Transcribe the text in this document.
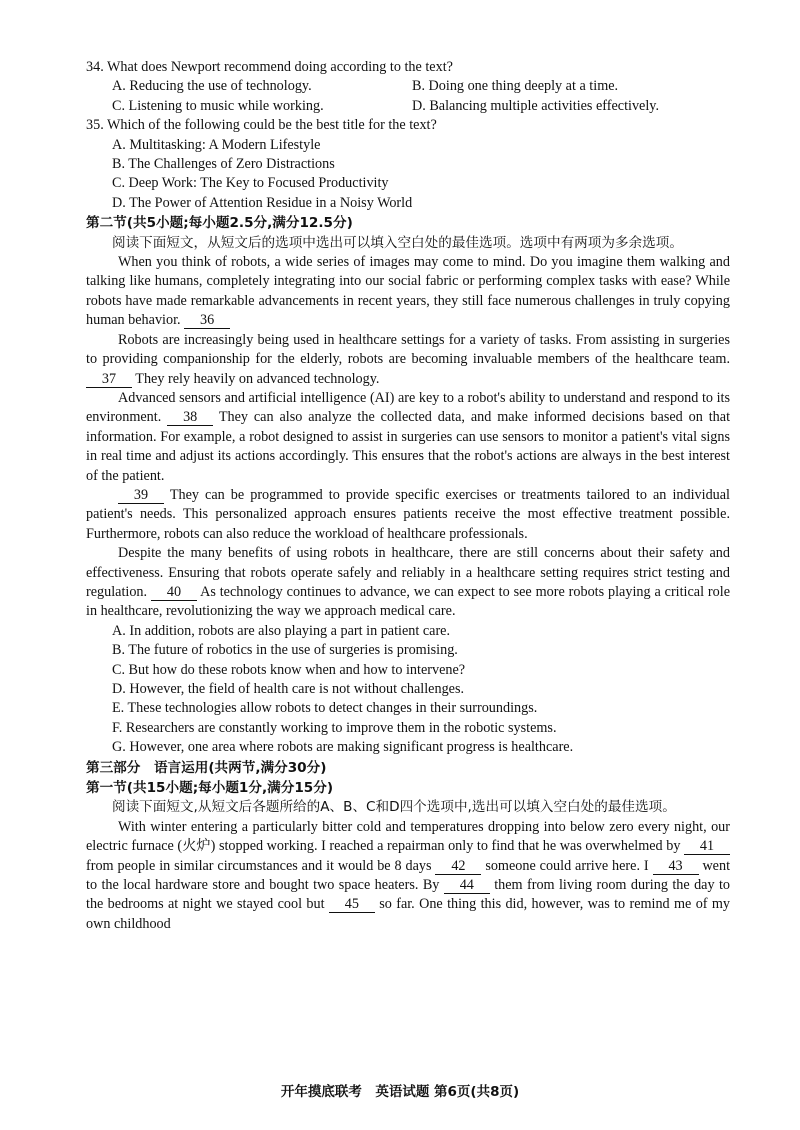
34. What does Newport recommend doing according to the text?

A. Reducing the use of technology.	B. Doing one thing deeply at a time.
C. Listening to music while working.	D. Balancing multiple activities effectively.

35. Which of the following could be the best title for the text?

A. Multitasking: A Modern Lifestyle

B. The Challenges of Zero Distractions

C. Deep Work: The Key to Focused Productivity

D. The Power of Attention Residue in a Noisy World

第二节(共5小题;每小题2.5分,满分12.5分)

阅读下面短文，从短文后的选项中选出可以填入空白处的最佳选项。选项中有两项为多余选项。

When you think of robots, a wide series of images may come to mind. Do you imagine them walking and talking like humans, completely integrating into our social fabric or performing complex tasks with ease? While robots have made remarkable advancements in recent years, they still face numerous challenges in truly copying human behavior. 36

Robots are increasingly being used in healthcare settings for a variety of tasks. From assisting in surgeries to providing companionship for the elderly, robots are becoming invaluable members of the healthcare team. 37 They rely heavily on advanced technology.

Advanced sensors and artificial intelligence (AI) are key to a robot's ability to understand and respond to its environment. 38 They can also analyze the collected data, and make informed decisions based on that information. For example, a robot designed to assist in surgeries can use sensors to monitor a patient's vital signs in real time and adjust its actions accordingly. This ensures that the robot's actions are always in the best interest of the patient.

39 They can be programmed to provide specific exercises or treatments tailored to an individual patient's needs. This personalized approach ensures patients receive the most effective treatment possible. Furthermore, robots can also reduce the workload of healthcare professionals.

Despite the many benefits of using robots in healthcare, there are still concerns about their safety and effectiveness. Ensuring that robots operate safely and reliably in a healthcare setting requires strict testing and regulation. 40 As technology continues to advance, we can expect to see more robots playing a critical role in healthcare, revolutionizing the way we approach medical care.

A. In addition, robots are also playing a part in patient care.

B. The future of robotics in the use of surgeries is promising.

C. But how do these robots know when and how to intervene?

D. However, the field of health care is not without challenges.

E. These technologies allow robots to detect changes in their surroundings.

F. Researchers are constantly working to improve them in the robotic systems.

G. However, one area where robots are making significant progress is healthcare.

第三部分　语言运用(共两节,满分30分)

第一节(共15小题;每小题1分,满分15分)

阅读下面短文,从短文后各题所给的A、B、C和D四个选项中,选出可以填入空白处的最佳选项。

With winter entering a particularly bitter cold and temperatures dropping into below zero every night, our electric furnace (火炉) stopped working. I reached a repairman only to find that he was overwhelmed by 41 from people in similar circumstances and it would be 8 days 42 someone could arrive here. I 43 went to the local hardware store and bought two space heaters. By 44 them from living room during the day to the bedrooms at night we stayed cool but 45 so far. One thing this did, however, was to remind me of my own childhood

开年摸底联考　英语试题 第6页(共8页)
